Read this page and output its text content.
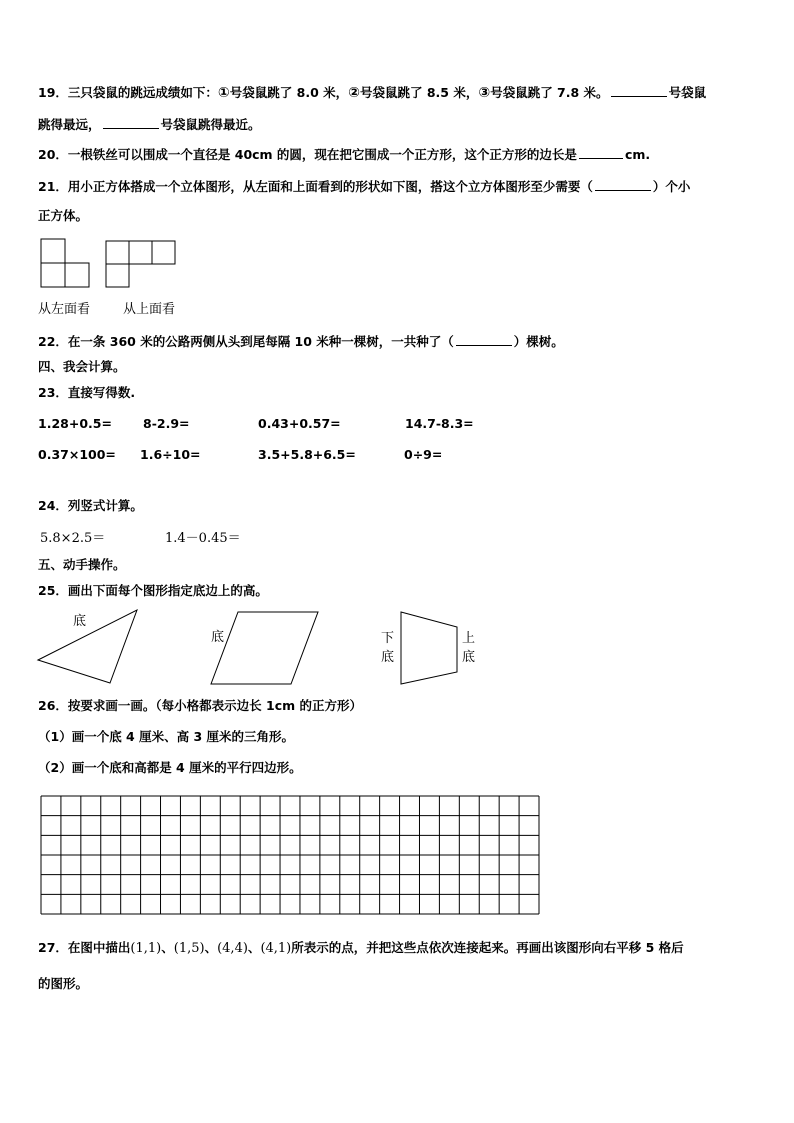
19．三只袋鼠的跳远成绩如下：①号袋鼠跳了 8.0 米，②号袋鼠跳了 8.5 米，③号袋鼠跳了 7.8 米。	号袋鼠
跳得最远，	号袋鼠跳得最近。
20．一根铁丝可以围成一个直径是 40cm 的圆，现在把它围成一个正方形，这个正方形的边长是	cm.
21．用小正方体搭成一个立体图形，从左面和上面看到的形状如下图，搭这个立方体图形至少需要（	）个小
正方体。
从左面看	从上面看
22．在一条 360 米的公路两侧从头到尾每隔 10 米种一棵树，一共种了（	）棵树。
四、我会计算。
23．直接写得数.
1.28+0.5= 8-2.9=	0.43+0.57=	14.7-8.3=
0.37×100= 1.6÷10=	3.5+5.8+6.5=	0÷9=
24．列竖式计算。
5.8×2.5＝	1.4－0.45＝
五、动手操作。
25．画出下面每个图形指定底边上的高。
底
底	下
底
上
底
26．按要求画一画。（每小格都表示边长 1cm 的正方形）
（1）画一个底 4 厘米、高 3 厘米的三角形。
（2）画一个底和高都是 4 厘米的平行四边形。
27．在图中描出(1,1)、(1,5)、(4,4)、(4,1)所表示的点，并把这些点依次连接起来。再画出该图形向右平移 5 格后
的图形。
